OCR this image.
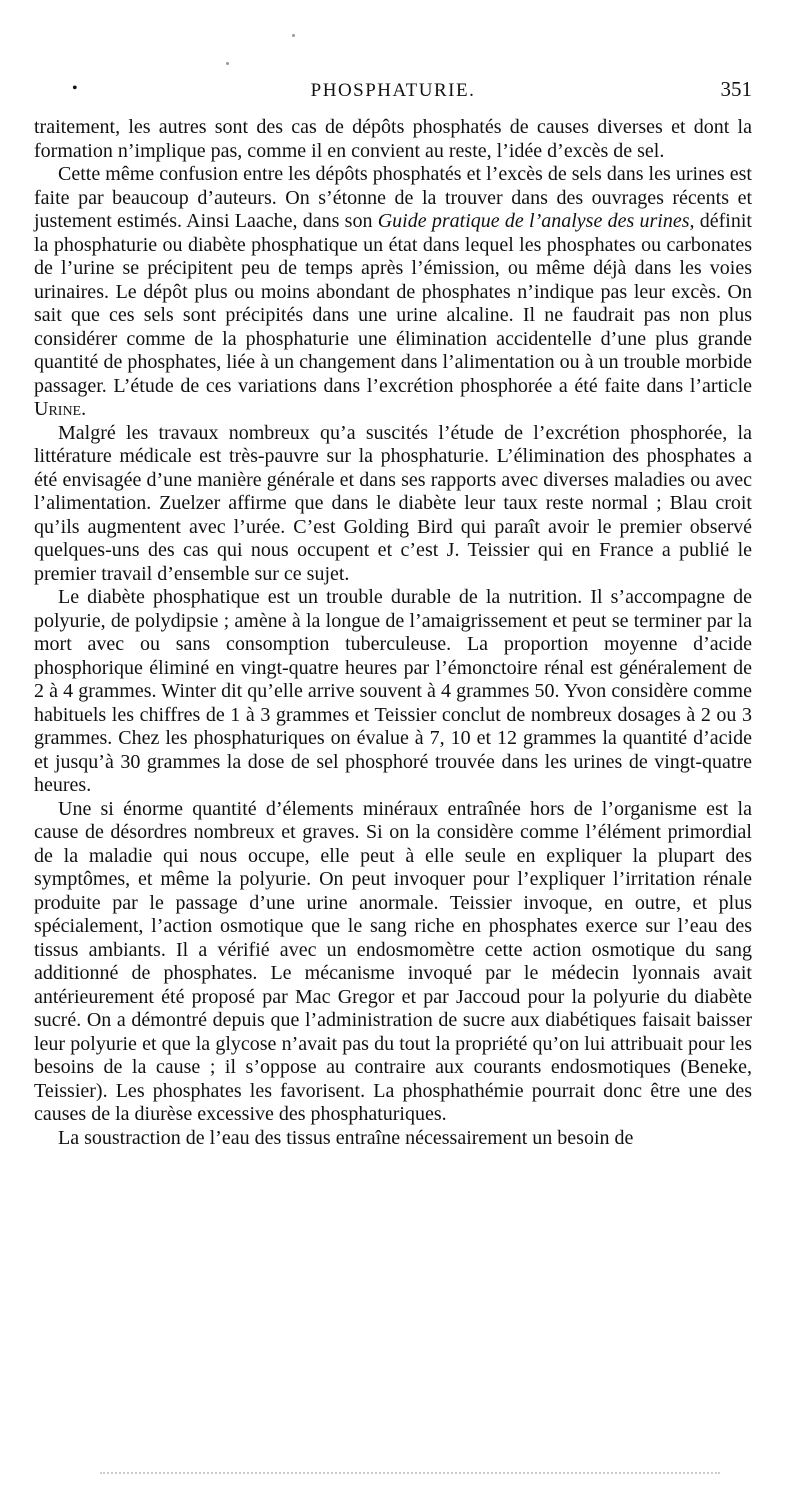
•	PHOSPHATURIE.	351

traitement, les autres sont des cas de dépôts phosphatés de causes diverses et dont la formation n’implique pas, comme il en convient au reste, l’idée d’excès de sel.

Cette même confusion entre les dépôts phosphatés et l’excès de sels dans les urines est faite par beaucoup d’auteurs. On s’étonne de la trouver dans des ouvrages récents et justement estimés. Ainsi Laache, dans son Guide pratique de l’analyse des urines, définit la phosphaturie ou diabète phosphatique un état dans lequel les phosphates ou carbonates de l’urine se précipitent peu de temps après l’émission, ou même déjà dans les voies urinaires. Le dépôt plus ou moins abondant de phosphates n’indique pas leur excès. On sait que ces sels sont précipités dans une urine alcaline. Il ne faudrait pas non plus considérer comme de la phosphaturie une élimination accidentelle d’une plus grande quantité de phosphates, liée à un changement dans l’alimentation ou à un trouble morbide passager. L’étude de ces variations dans l’excrétion phosphorée a été faite dans l’article Urine.

Malgré les travaux nombreux qu’a suscités l’étude de l’excrétion phosphorée, la littérature médicale est très-pauvre sur la phosphaturie. L’élimination des phosphates a été envisagée d’une manière générale et dans ses rapports avec diverses maladies ou avec l’alimentation. Zuelzer affirme que dans le diabète leur taux reste normal ; Blau croit qu’ils augmentent avec l’urée. C’est Golding Bird qui paraît avoir le premier observé quelques-uns des cas qui nous occupent et c’est J. Teissier qui en France a publié le premier travail d’ensemble sur ce sujet.

Le diabète phosphatique est un trouble durable de la nutrition. Il s’accompagne de polyurie, de polydipsie ; amène à la longue de l’amaigrissement et peut se terminer par la mort avec ou sans consomption tuberculeuse. La proportion moyenne d’acide phosphorique éliminé en vingt-quatre heures par l’émonctoire rénal est généralement de 2 à 4 grammes. Winter dit qu’elle arrive souvent à 4 grammes 50. Yvon considère comme habituels les chiffres de 1 à 3 grammes et Teissier conclut de nombreux dosages à 2 ou 3 grammes. Chez les phosphaturiques on évalue à 7, 10 et 12 grammes la quantité d’acide et jusqu’à 30 grammes la dose de sel phosphoré trouvée dans les urines de vingt-quatre heures.

Une si énorme quantité d’élements minéraux entraînée hors de l’organisme est la cause de désordres nombreux et graves. Si on la considère comme l’élément primordial de la maladie qui nous occupe, elle peut à elle seule en expliquer la plupart des symptômes, et même la polyurie. On peut invoquer pour l’expliquer l’irritation rénale produite par le passage d’une urine anormale. Teissier invoque, en outre, et plus spécialement, l’action osmotique que le sang riche en phosphates exerce sur l’eau des tissus ambiants. Il a vérifié avec un endosmomètre cette action osmotique du sang additionné de phosphates. Le mécanisme invoqué par le médecin lyonnais avait antérieurement été proposé par Mac Gregor et par Jaccoud pour la polyurie du diabète sucré. On a démontré depuis que l’administration de sucre aux diabétiques faisait baisser leur polyurie et que la glycose n’avait pas du tout la propriété qu’on lui attribuait pour les besoins de la cause ; il s’oppose au contraire aux courants endosmotiques (Beneke, Teissier). Les phosphates les favorisent. La phosphathémie pourrait donc être une des causes de la diurèse excessive des phosphaturiques.

La soustraction de l’eau des tissus entraîne nécessairement un besoin de
